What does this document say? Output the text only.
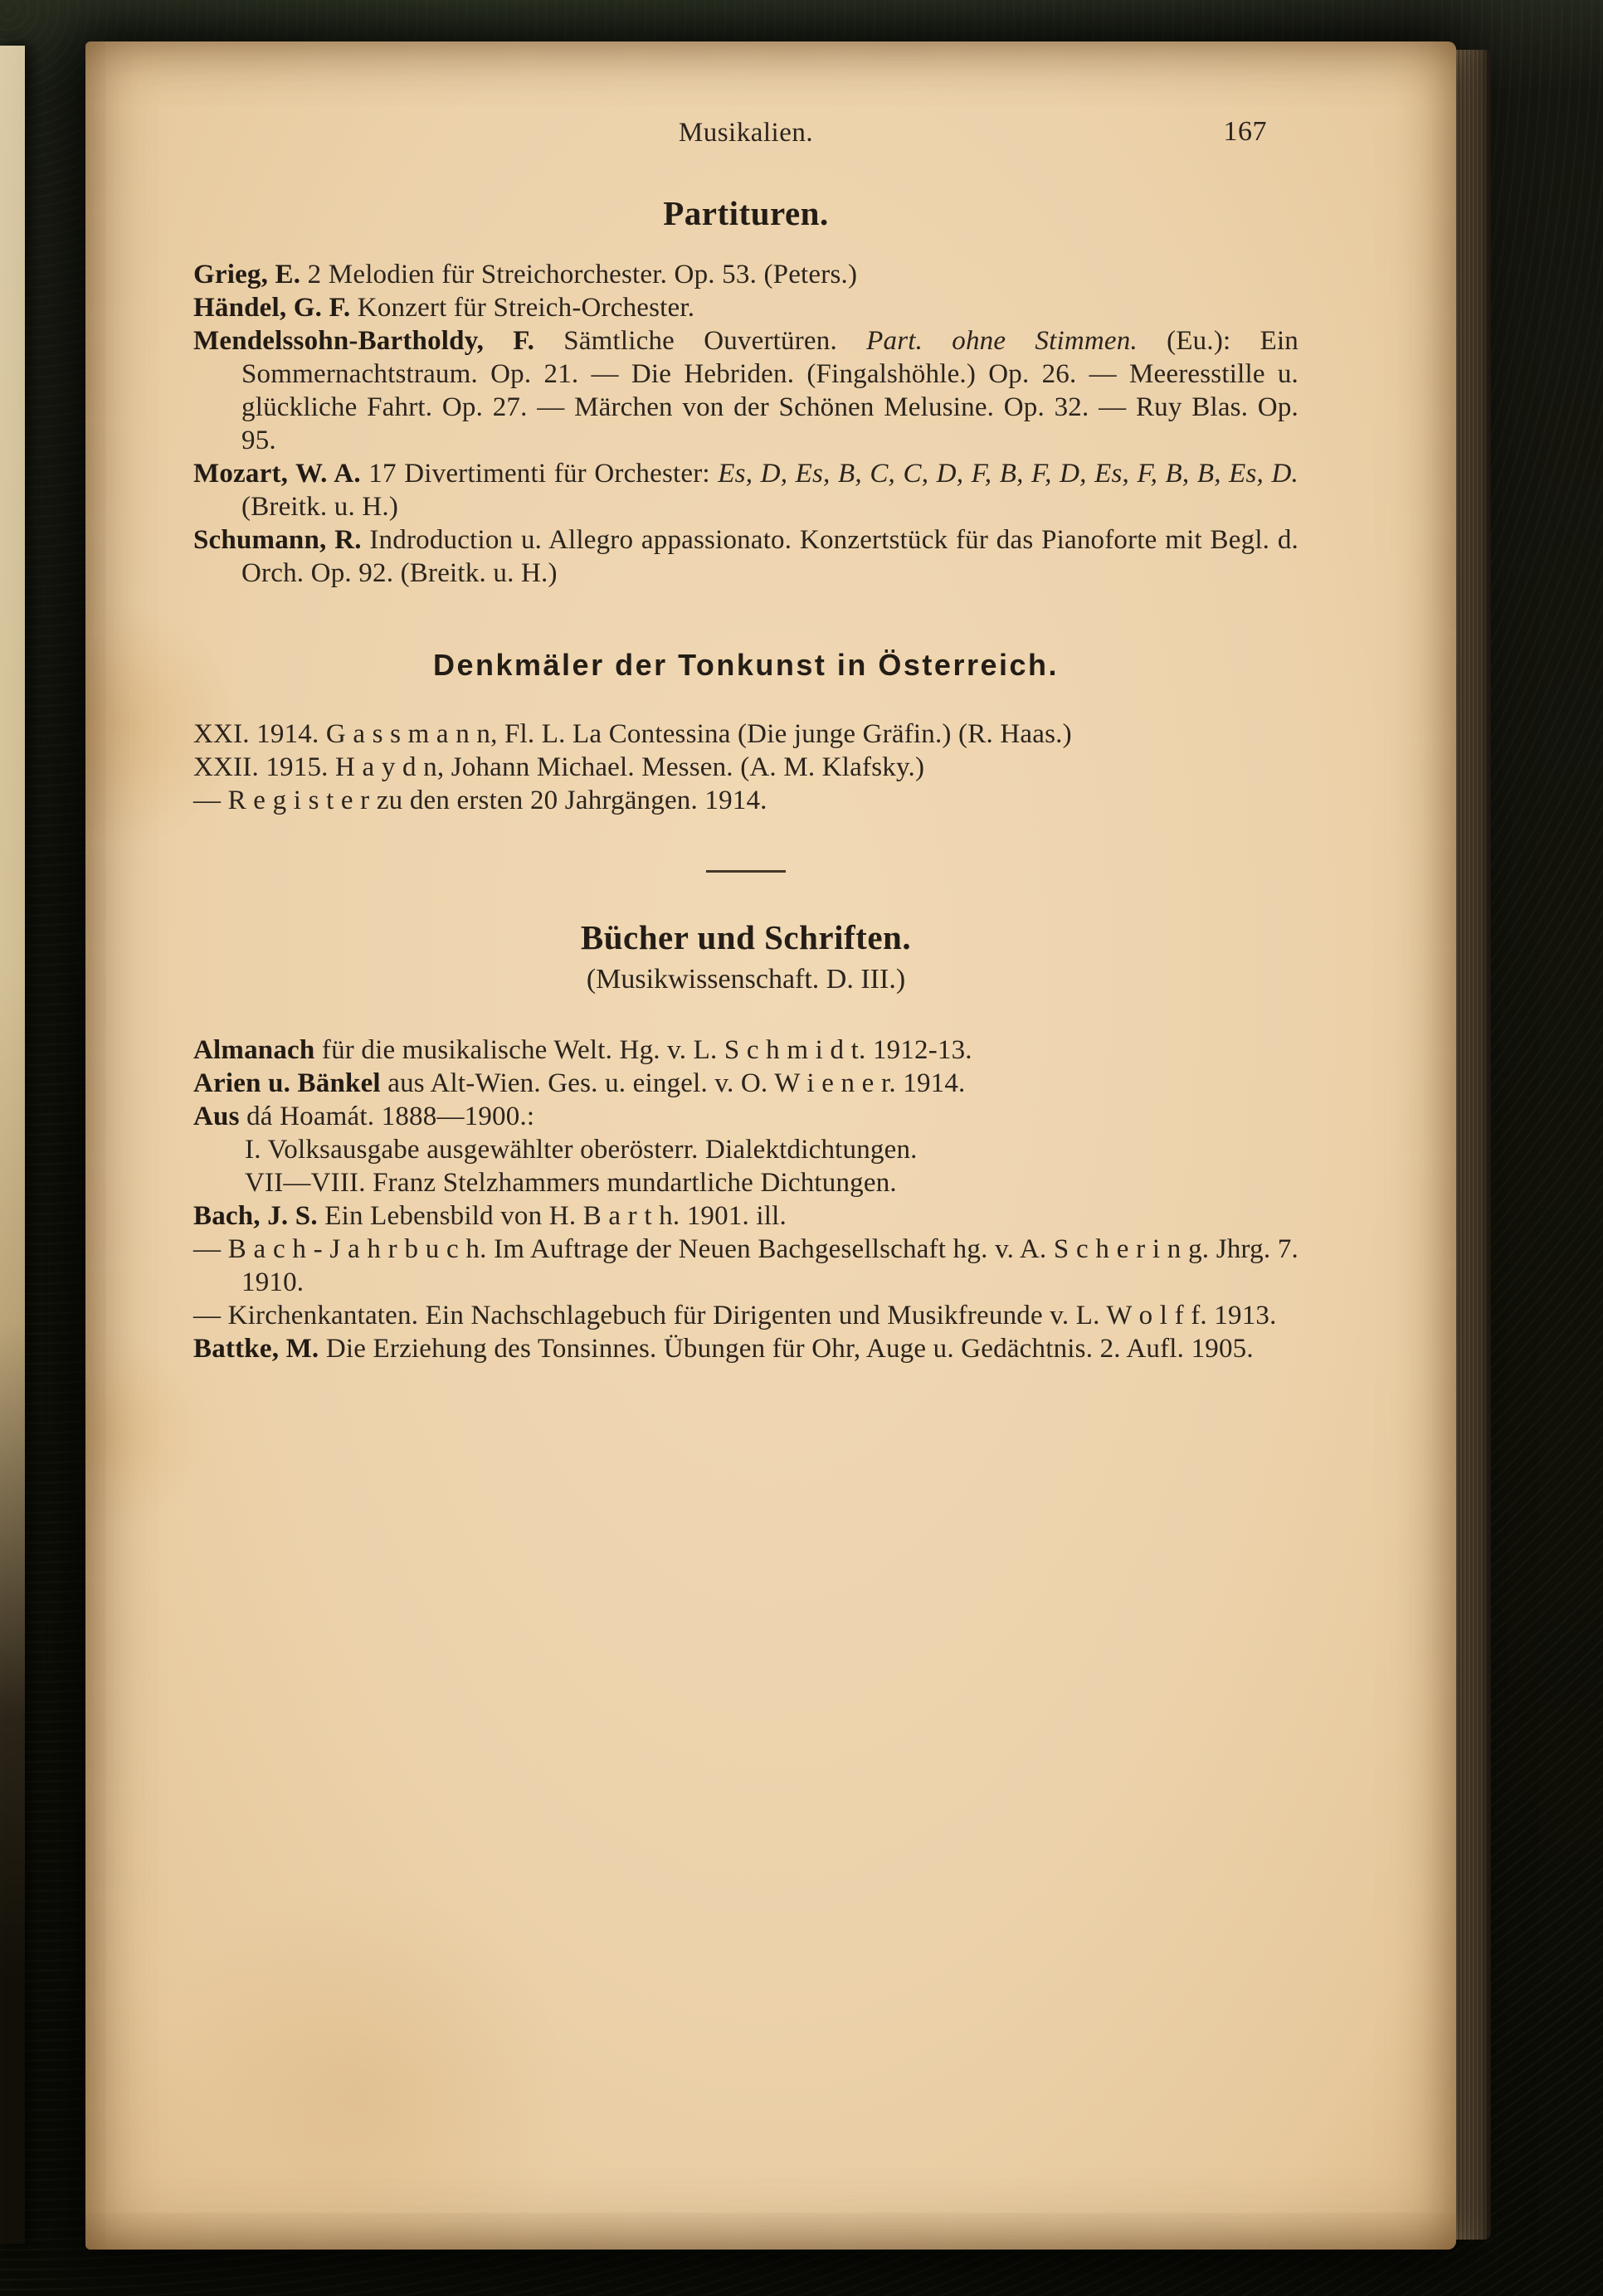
Musikalien.	167
Partituren.

Grieg, E. 2 Melodien für Streichorchester. Op. 53. (Peters.)

Händel, G. F. Konzert für Streich-Orchester.

Mendelssohn-Bartholdy, F. Sämtliche Ouvertüren. Part. ohne Stimmen. (Eu.): Ein Sommernachtstraum. Op. 21. — Die Hebriden. (Fingalshöhle.) Op. 26. — Meeresstille u. glückliche Fahrt. Op. 27. — Märchen von der Schönen Melusine. Op. 32. — Ruy Blas. Op. 95.

Mozart, W. A. 17 Divertimenti für Orchester: Es, D, Es, B, C, C, D, F, B, F, D, Es, F, B, B, Es, D. (Breitk. u. H.)

Schumann, R. Indroduction u. Allegro appassionato. Konzertstück für das Pianoforte mit Begl. d. Orch. Op. 92. (Breitk. u. H.)

Denkmäler der Tonkunst in Österreich.

XXI. 1914. G a s s m a n n, Fl. L. La Contessina (Die junge Gräfin.) (R. Haas.)

XXII. 1915. H a y d n, Johann Michael. Messen. (A. M. Klafsky.)

— R e g i s t e r zu den ersten 20 Jahrgängen. 1914.

Bücher und Schriften.
(Musikwissenschaft. D. III.)

Almanach für die musikalische Welt. Hg. v. L. S c h m i d t. 1912-13.

Arien u. Bänkel aus Alt-Wien. Ges. u. eingel. v. O. W i e n e r. 1914.

Aus dá Hoamát. 1888—1900.:

I. Volksausgabe ausgewählter oberösterr. Dialektdichtungen.

VII—VIII. Franz Stelzhammers mundartliche Dichtungen.

Bach, J. S. Ein Lebensbild von H. B a r t h. 1901. ill.

— B a c h - J a h r b u c h. Im Auftrage der Neuen Bachgesellschaft hg. v. A. S c h e r i n g. Jhrg. 7. 1910.

— Kirchenkantaten. Ein Nachschlagebuch für Dirigenten und Musikfreunde v. L. W o l f f. 1913.

Battke, M. Die Erziehung des Tonsinnes. Übungen für Ohr, Auge u. Gedächtnis. 2. Aufl. 1905.
